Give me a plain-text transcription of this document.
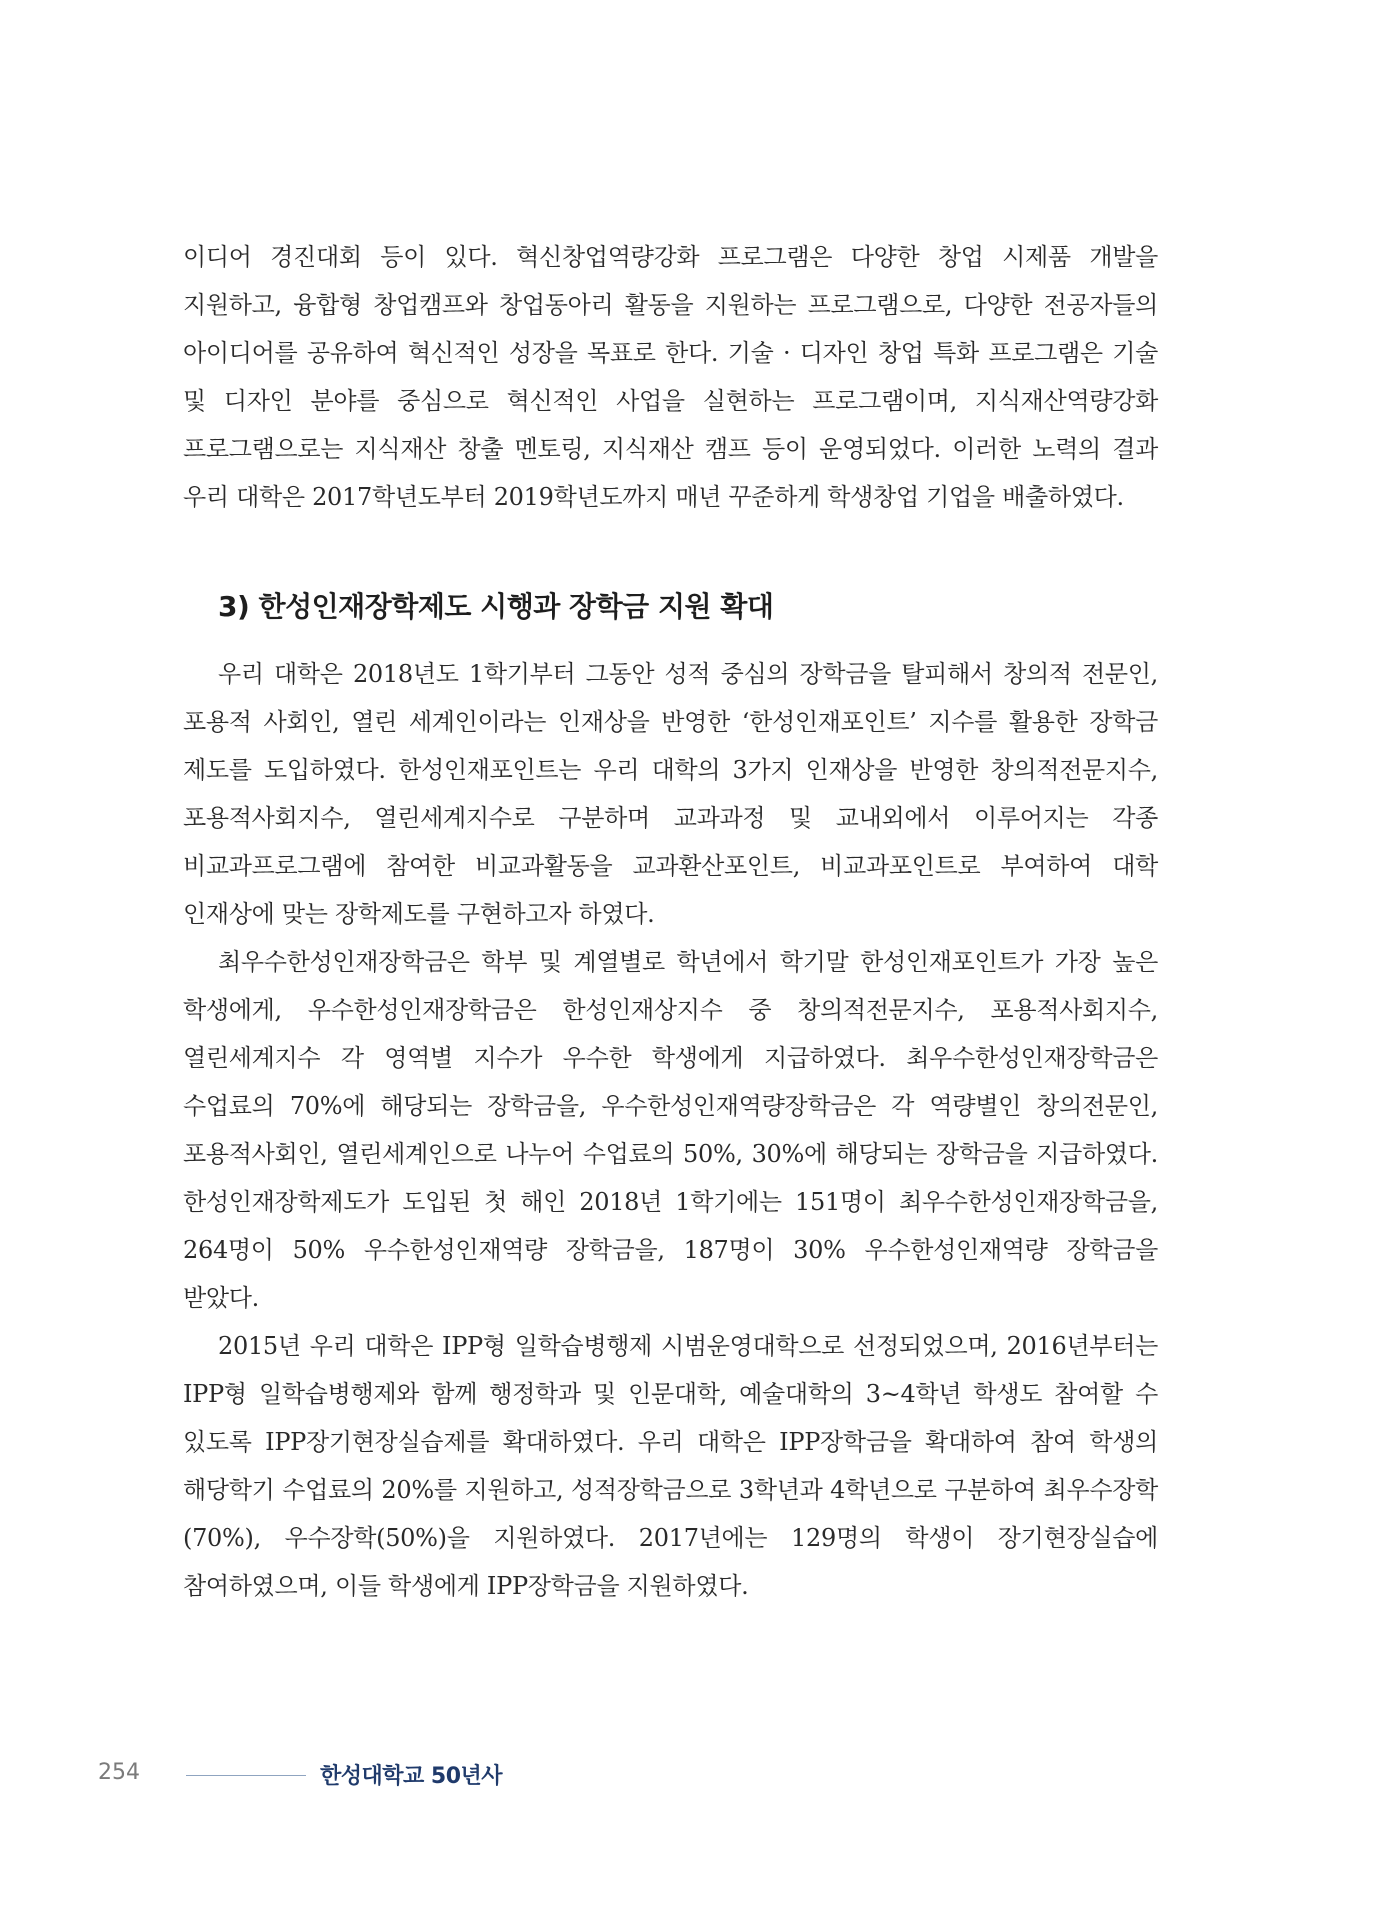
이디어 경진대회 등이 있다. 혁신창업역량강화 프로그램은 다양한 창업 시제품 개발을 지원하고, 융합형 창업캠프와 창업동아리 활동을 지원하는 프로그램으로, 다양한 전공자들의 아이디어를 공유하여 혁신적인 성장을 목표로 한다. 기술 · 디자인 창업 특화 프로그램은 기술 및 디자인 분야를 중심으로 혁신적인 사업을 실현하는 프로그램이며, 지식재산역량강화 프로그램으로는 지식재산 창출 멘토링, 지식재산 캠프 등이 운영되었다. 이러한 노력의 결과 우리 대학은 2017학년도부터 2019학년도까지 매년 꾸준하게 학생창업 기업을 배출하였다.

3) 한성인재장학제도 시행과 장학금 지원 확대

우리 대학은 2018년도 1학기부터 그동안 성적 중심의 장학금을 탈피해서 창의적 전문인, 포용적 사회인, 열린 세계인이라는 인재상을 반영한 ‘한성인재포인트’ 지수를 활용한 장학금 제도를 도입하였다. 한성인재포인트는 우리 대학의 3가지 인재상을 반영한 창의적전문지수, 포용적사회지수, 열린세계지수로 구분하며 교과과정 및 교내외에서 이루어지는 각종 비교과프로그램에 참여한 비교과활동을 교과환산포인트, 비교과포인트로 부여하여 대학 인재상에 맞는 장학제도를 구현하고자 하였다.

최우수한성인재장학금은 학부 및 계열별로 학년에서 학기말 한성인재포인트가 가장 높은 학생에게, 우수한성인재장학금은 한성인재상지수 중 창의적전문지수, 포용적사회지수, 열린세계지수 각 영역별 지수가 우수한 학생에게 지급하였다. 최우수한성인재장학금은 수업료의 70%에 해당되는 장학금을, 우수한성인재역량장학금은 각 역량별인 창의전문인, 포용적사회인, 열린세계인으로 나누어 수업료의 50%, 30%에 해당되는 장학금을 지급하였다. 한성인재장학제도가 도입된 첫 해인 2018년 1학기에는 151명이 최우수한성인재장학금을, 264명이 50% 우수한성인재역량 장학금을, 187명이 30% 우수한성인재역량 장학금을 받았다.

2015년 우리 대학은 IPP형 일학습병행제 시범운영대학으로 선정되었으며, 2016년부터는 IPP형 일학습병행제와 함께 행정학과 및 인문대학, 예술대학의 3~4학년 학생도 참여할 수 있도록 IPP장기현장실습제를 확대하였다. 우리 대학은 IPP장학금을 확대하여 참여 학생의 해당학기 수업료의 20%를 지원하고, 성적장학금으로 3학년과 4학년으로 구분하여 최우수장학(70%), 우수장학(50%)을 지원하였다. 2017년에는 129명의 학생이 장기현장실습에 참여하였으며, 이들 학생에게 IPP장학금을 지원하였다.

254	한성대학교 50년사
